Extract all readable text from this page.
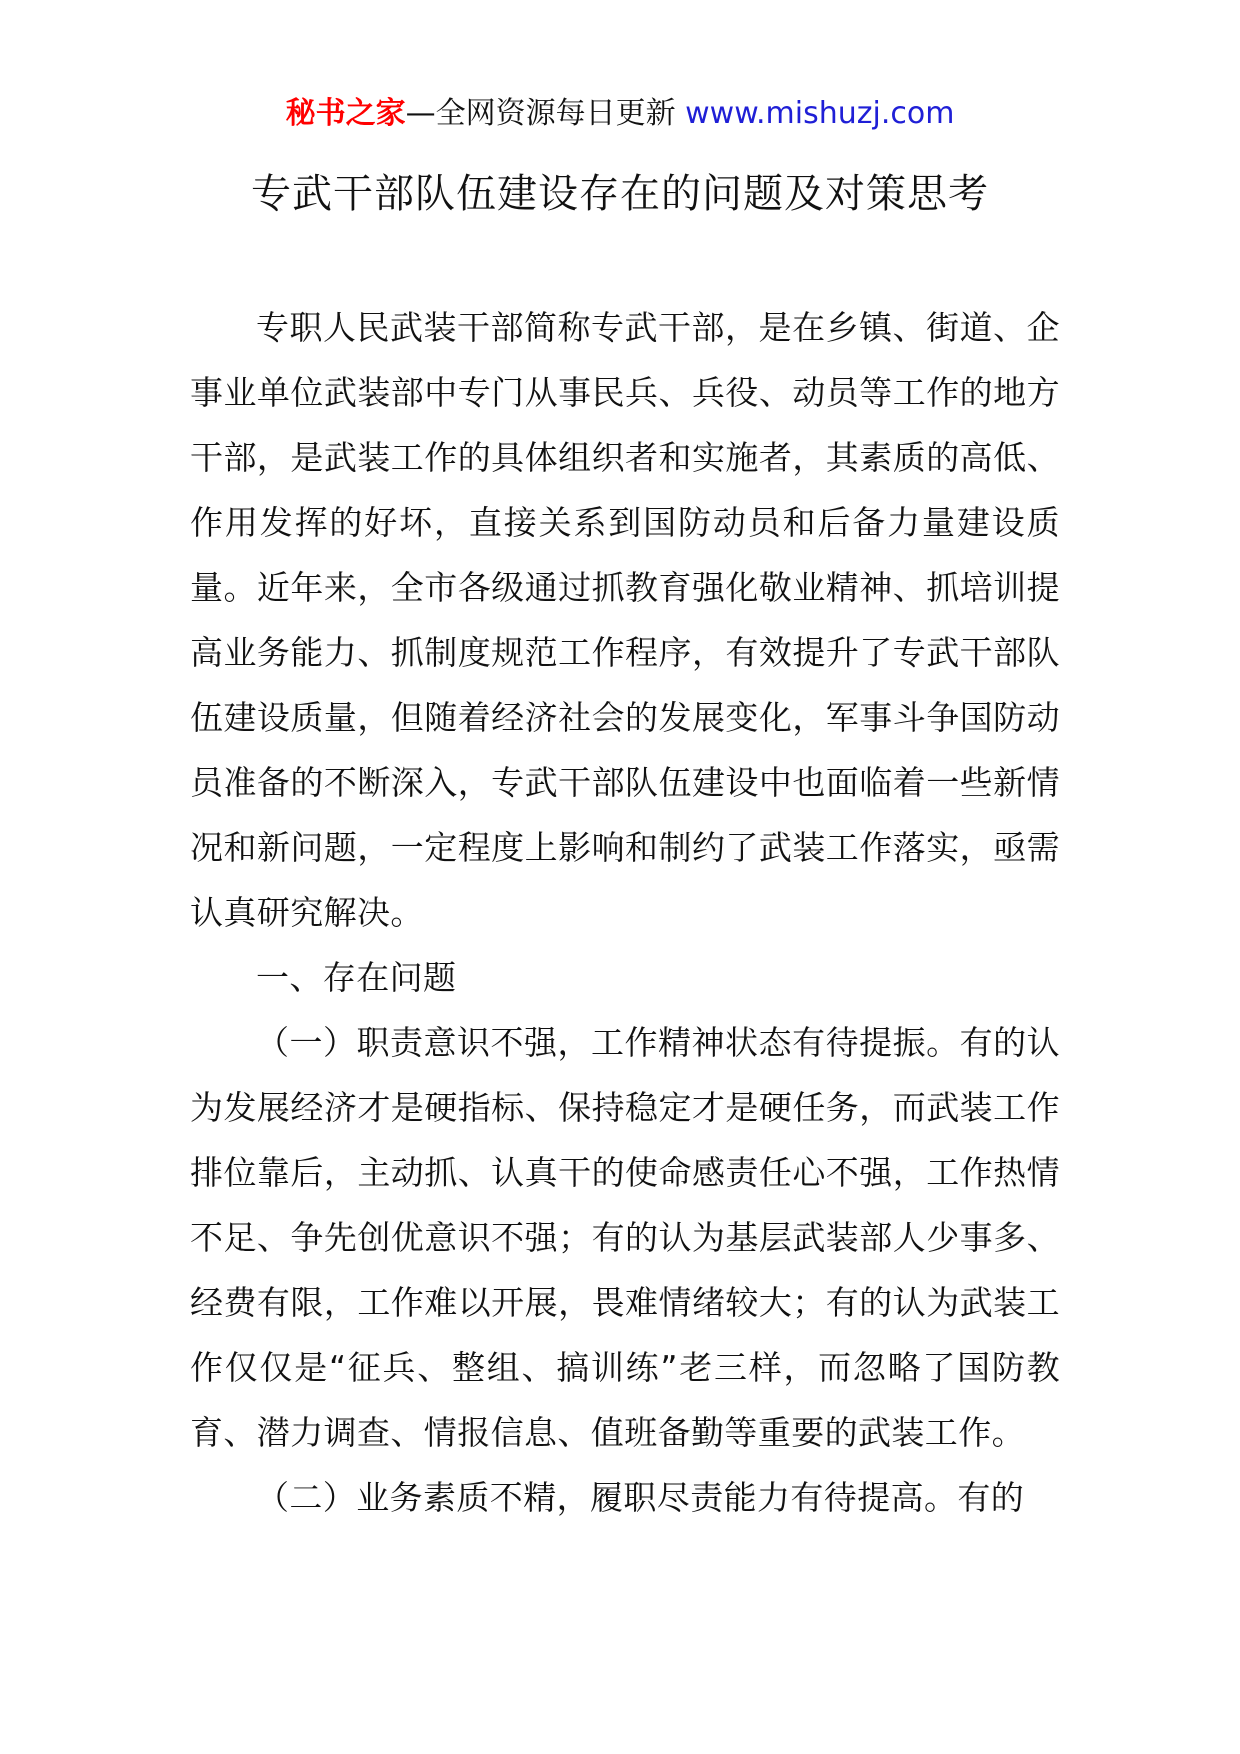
秘书之家—全网资源每日更新 www.mishuzj.com
专武干部队伍建设存在的问题及对策思考

专职人民武装干部简称专武干部，是在乡镇、街道、企事业单位武装部中专门从事民兵、兵役、动员等工作的地方干部，是武装工作的具体组织者和实施者，其素质的高低、作用发挥的好坏，直接关系到国防动员和后备力量建设质量。近年来，全市各级通过抓教育强化敬业精神、抓培训提高业务能力、抓制度规范工作程序，有效提升了专武干部队伍建设质量，但随着经济社会的发展变化，军事斗争国防动员准备的不断深入，专武干部队伍建设中也面临着一些新情况和新问题，一定程度上影响和制约了武装工作落实，亟需认真研究解决。

一、存在问题

（一）职责意识不强，工作精神状态有待提振。有的认为发展经济才是硬指标、保持稳定才是硬任务，而武装工作排位靠后，主动抓、认真干的使命感责任心不强，工作热情不足、争先创优意识不强；有的认为基层武装部人少事多、经费有限，工作难以开展，畏难情绪较大；有的认为武装工作仅仅是“征兵、整组、搞训练”老三样，而忽略了国防教育、潜力调查、情报信息、值班备勤等重要的武装工作。

（二）业务素质不精，履职尽责能力有待提高。有的
